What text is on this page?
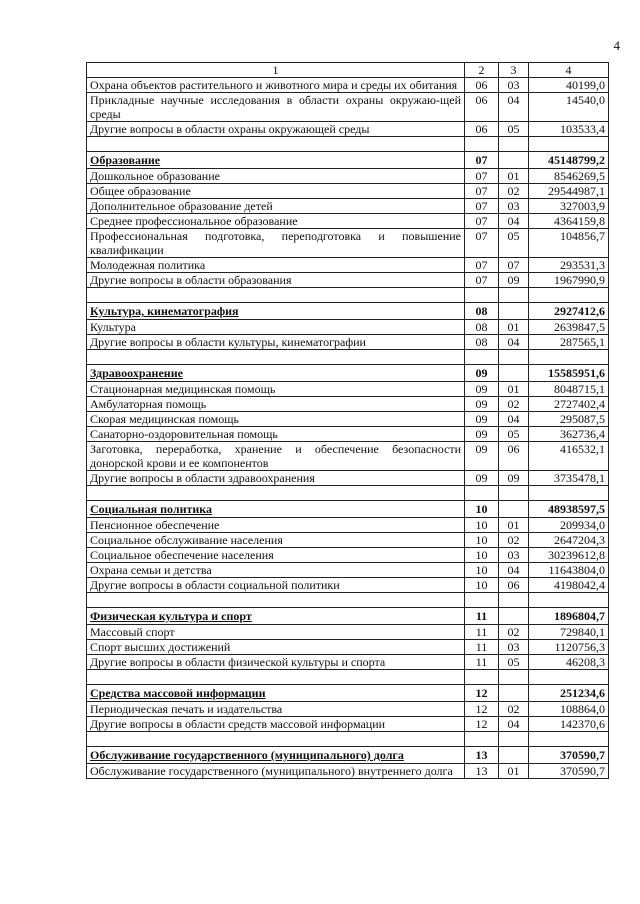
4
1	2	3	4
Охрана объектов растительного и животного мира и среды их обитания	06	03	40199,0
Прикладные научные исследования в области охраны окружаю-щей среды	06	04	14540,0
Другие вопросы в области охраны окружающей среды	06	05	103533,4

Образование	07		45148799,2
Дошкольное образование	07	01	8546269,5
Общее образование	07	02	29544987,1
Дополнительное образование детей	07	03	327003,9
Среднее профессиональное образование	07	04	4364159,8
Профессиональная подготовка, переподготовка и повышение квалификации	07	05	104856,7
Молодежная политика	07	07	293531,3
Другие вопросы в области образования	07	09	1967990,9

Культура, кинематография	08		2927412,6
Культура	08	01	2639847,5
Другие вопросы в области культуры, кинематографии	08	04	287565,1

Здравоохранение	09		15585951,6
Стационарная медицинская помощь	09	01	8048715,1
Амбулаторная помощь	09	02	2727402,4
Скорая медицинская помощь	09	04	295087,5
Санаторно-оздоровительная помощь	09	05	362736,4
Заготовка, переработка, хранение и обеспечение безопасности донорской крови и ее компонентов	09	06	416532,1
Другие вопросы в области здравоохранения	09	09	3735478,1

Социальная политика	10		48938597,5
Пенсионное обеспечение	10	01	209934,0
Социальное обслуживание населения	10	02	2647204,3
Социальное обеспечение населения	10	03	30239612,8
Охрана семьи и детства	10	04	11643804,0
Другие вопросы в области социальной политики	10	06	4198042,4

Физическая культура и спорт	11		1896804,7
Массовый спорт	11	02	729840,1
Спорт высших достижений	11	03	1120756,3
Другие вопросы в области физической культуры и спорта	11	05	46208,3

Средства массовой информации	12		251234,6
Периодическая печать и издательства	12	02	108864,0
Другие вопросы в области средств массовой информации	12	04	142370,6

Обслуживание государственного (муниципального) долга	13		370590,7
Обслуживание государственного (муниципального) внутреннего долга	13	01	370590,7
